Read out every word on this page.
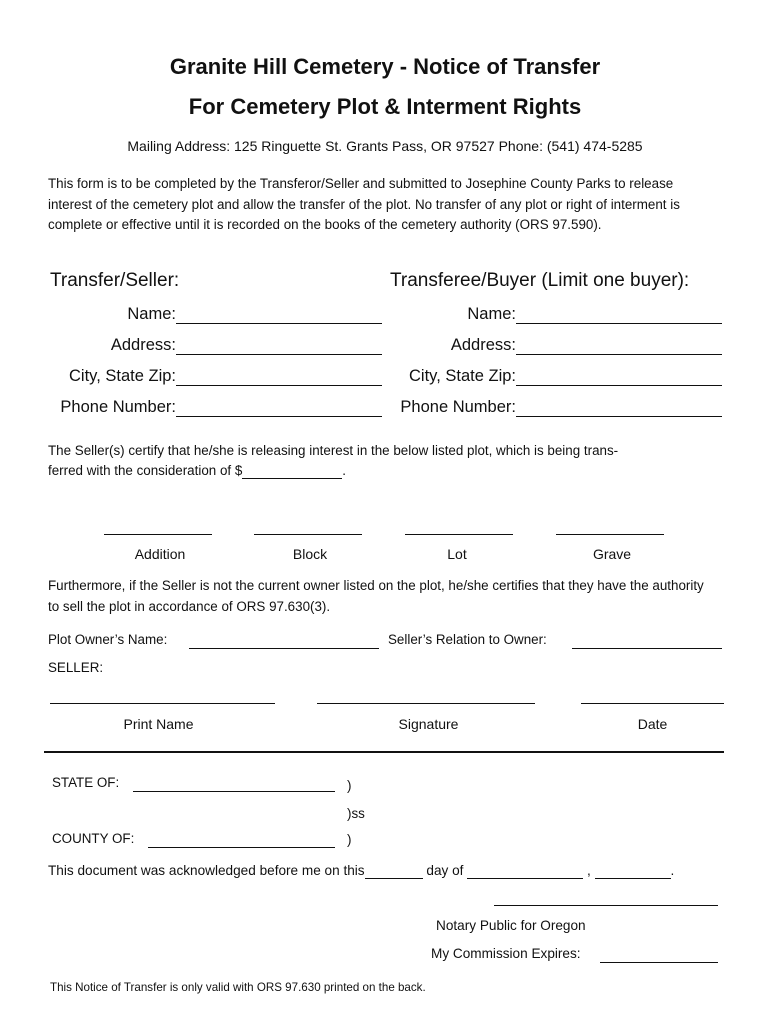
Granite Hill Cemetery - Notice of Transfer
For Cemetery Plot & Interment Rights
Mailing Address: 125 Ringuette St. Grants Pass, OR 97527 Phone: (541) 474-5285
This form is to be completed by the Transferor/Seller and submitted to Josephine County Parks to release interest of the cemetery plot and allow the transfer of the plot. No transfer of any plot or right of interment is complete or effective until it is recorded on the books of the cemetery authority (ORS 97.590).
Transfer/Seller:
Name:
Address:
City, State Zip:
Phone Number:
Transferee/Buyer (Limit one buyer):
Name:
Address:
City, State Zip:
Phone Number:
The Seller(s) certify that he/she is releasing interest in the below listed plot, which is being trans-
ferred with the consideration of $	.
Addition	Block	Lot	Grave
Furthermore, if the Seller is not the current owner listed on the plot, he/she certifies that they have the authority to sell the plot in accordance of ORS 97.630(3).
Plot Owner’s Name:	Seller’s Relation to Owner:
SELLER:
Print Name	Signature	Date
STATE OF:	)
)ss
COUNTY OF:	)
This document was acknowledged before me on this	day of	,	.
Notary Public for Oregon
My Commission Expires:
This Notice of Transfer is only valid with ORS 97.630 printed on the back.
